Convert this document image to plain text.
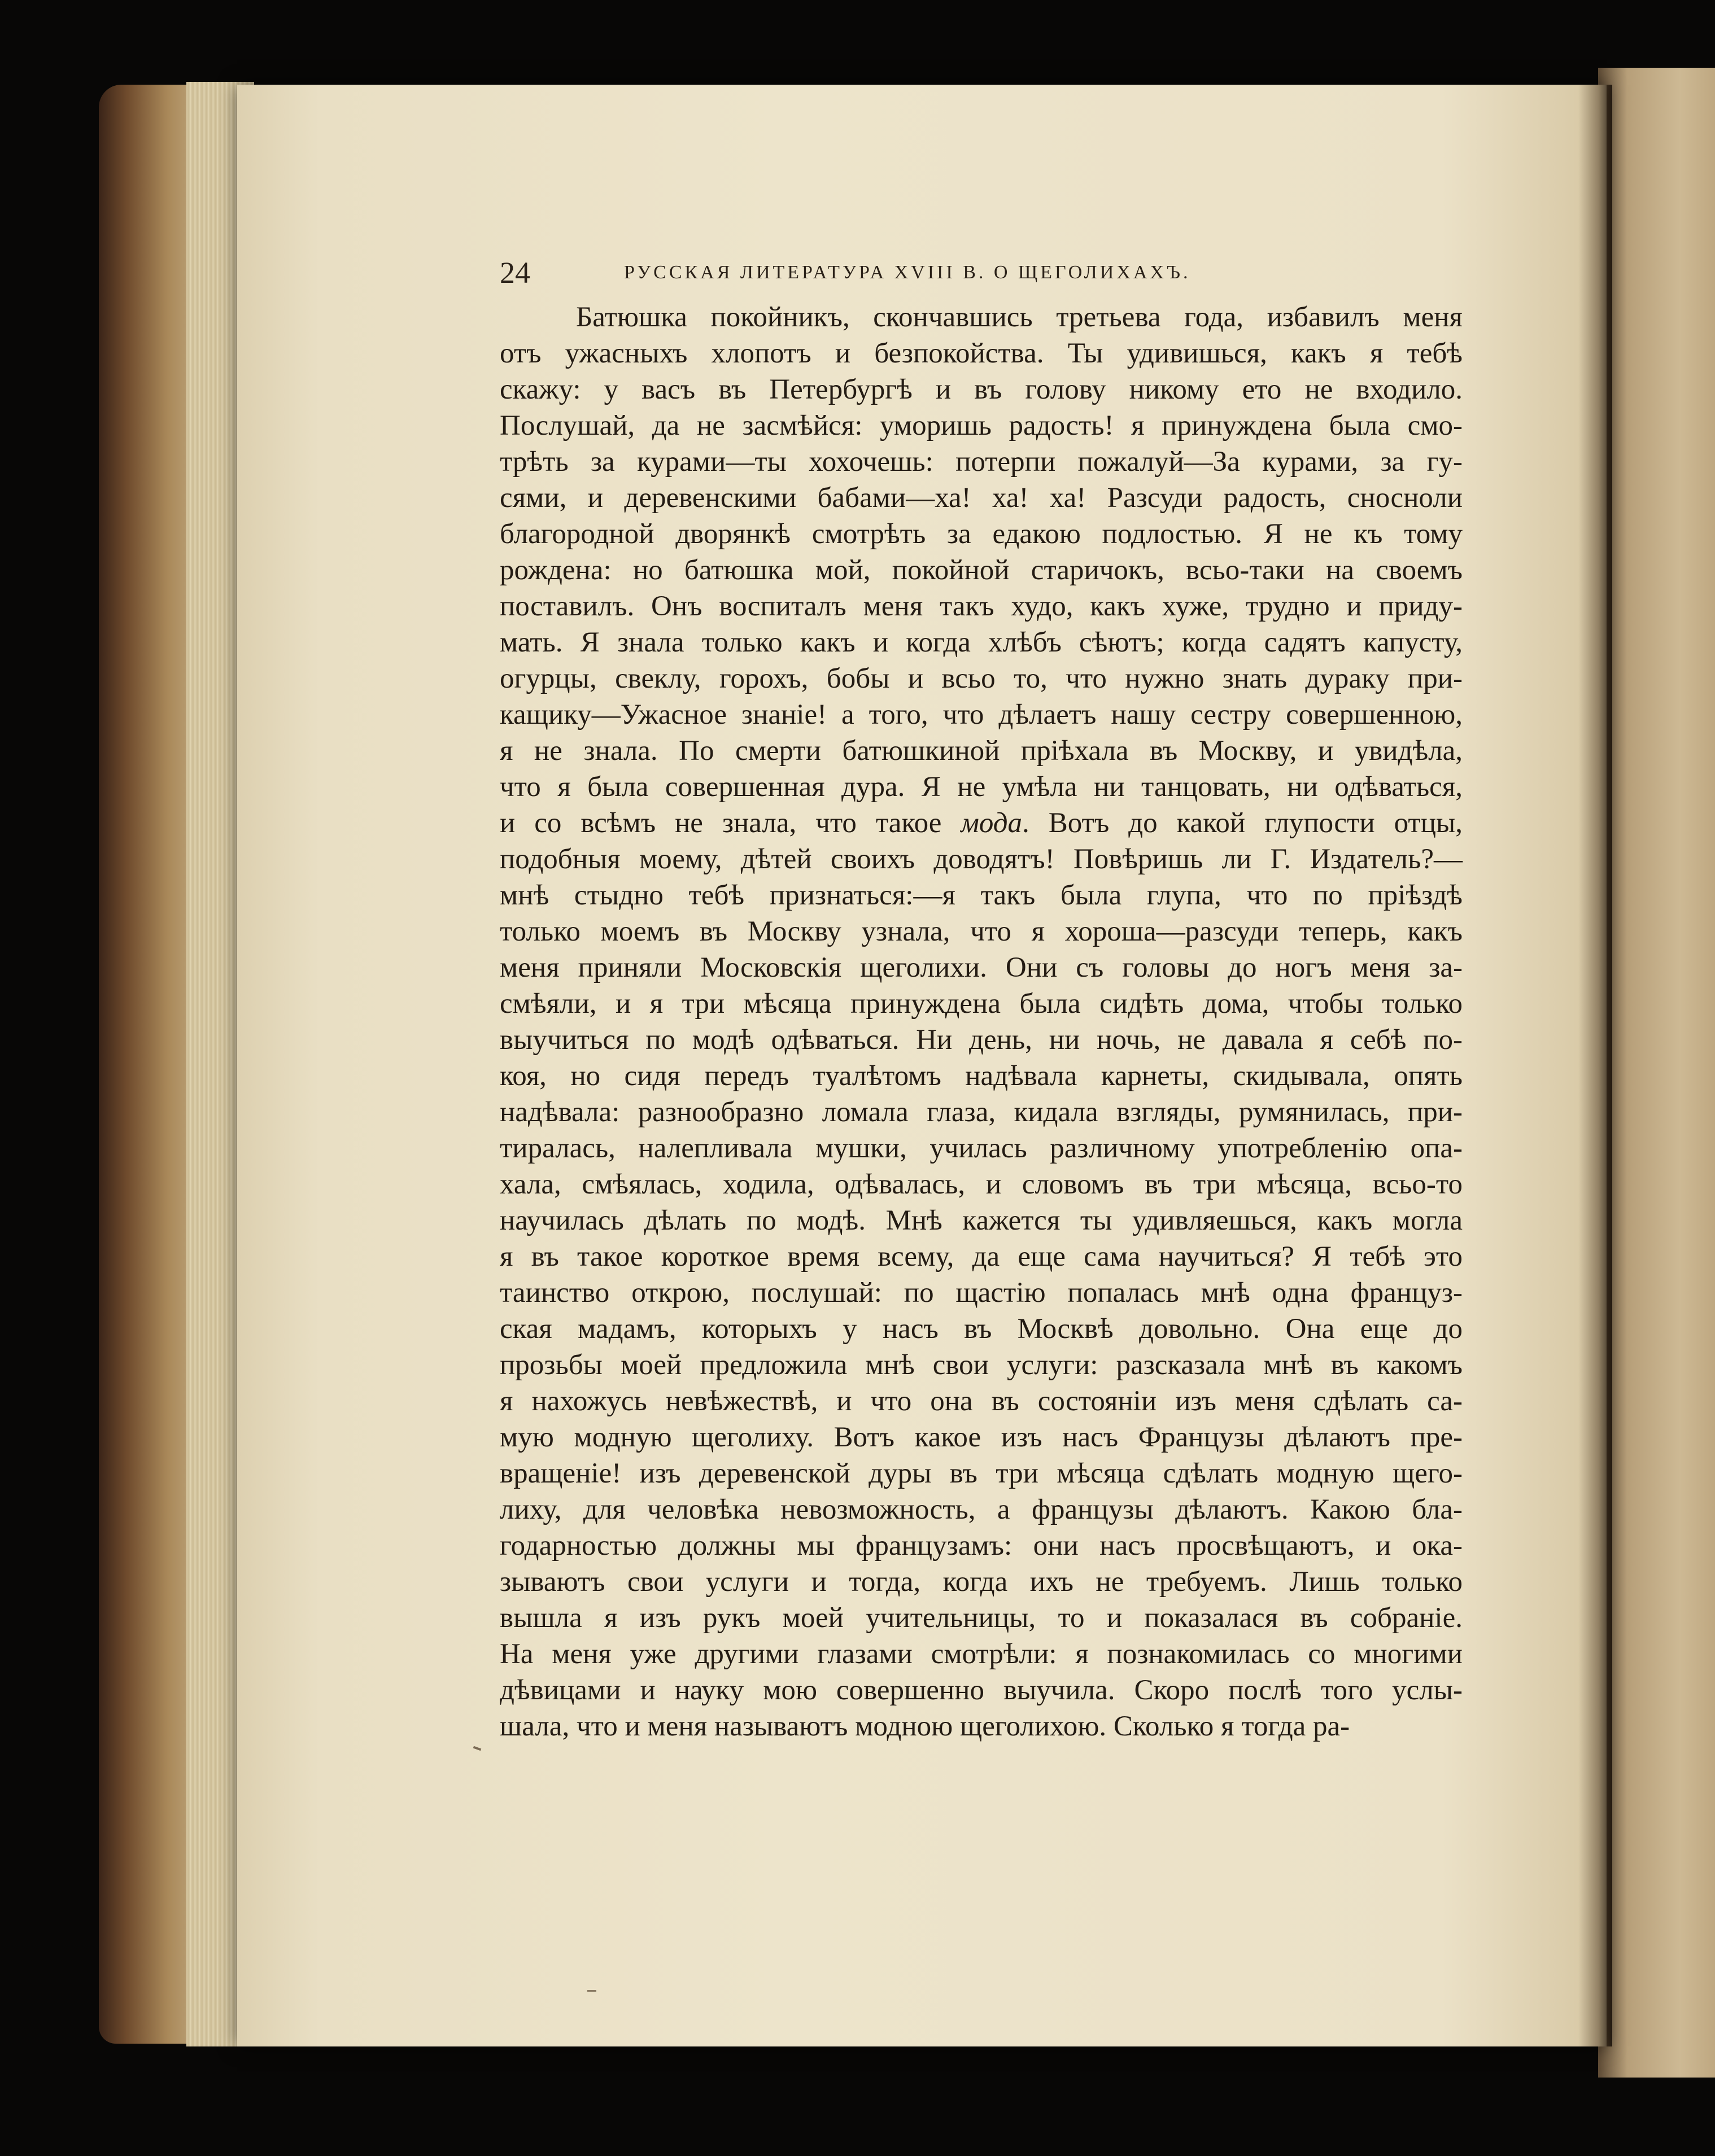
24	РУССКАЯ ЛИТЕРАТУРА XVIII В. О ЩЕГОЛИХАХЪ.
Батюшка покойникъ, скончавшись третьева года, избавилъ меня
отъ ужасныхъ хлопотъ и безпокойства. Ты удивишься, какъ я тебѣ
скажу: у васъ въ Петербургѣ и въ голову никому ето не входило.
Послушай, да не засмѣйся: уморишь радость! я принуждена была смо-
трѣть за курами—ты хохочешь: потерпи пожалуй—За курами, за гу-
сями, и деревенскими бабами—ха! ха! ха! Разсуди радость, сносноли
благородной дворянкѣ смотрѣть за едакою подлостью. Я не къ тому
рождена: но батюшка мой, покойной старичокъ, всьо-таки на своемъ
поставилъ. Онъ воспиталъ меня такъ худо, какъ хуже, трудно и приду-
мать. Я знала только какъ и когда хлѣбъ сѣютъ; когда садятъ капусту,
огурцы, свеклу, горохъ, бобы и всьо то, что нужно знать дураку при-
кащику—Ужасное знаніе! а того, что дѣлаетъ нашу сестру совершенною,
я не знала. По смерти батюшкиной пріѣхала въ Москву, и увидѣла,
что я была совершенная дура. Я не умѣла ни танцовать, ни одѣваться,
и со всѣмъ не знала, что такое мода. Вотъ до какой глупости отцы,
подобныя моему, дѣтей своихъ доводятъ! Повѣришь ли Г. Издатель?—
мнѣ стыдно тебѣ признаться:—я такъ была глупа, что по пріѣздѣ
только моемъ въ Москву узнала, что я хороша—разсуди теперь, какъ
меня приняли Московскія щеголихи. Они съ головы до ногъ меня за-
смѣяли, и я три мѣсяца принуждена была сидѣть дома, чтобы только
выучиться по модѣ одѣваться. Ни день, ни ночь, не давала я себѣ по-
коя, но сидя передъ туалѣтомъ надѣвала карнеты, скидывала, опять
надѣвала: разнообразно ломала глаза, кидала взгляды, румянилась, при-
тиралась, налепливала мушки, училась различному употребленію опа-
хала, смѣялась, ходила, одѣвалась, и словомъ въ три мѣсяца, всьо-то
научилась дѣлать по модѣ. Мнѣ кажется ты удивляешься, какъ могла
я въ такое короткое время всему, да еще сама научиться? Я тебѣ это
таинство открою, послушай: по щастію попалась мнѣ одна француз-
ская мадамъ, которыхъ у насъ въ Москвѣ довольно. Она еще до
прозьбы моей предложила мнѣ свои услуги: разсказала мнѣ въ какомъ
я нахожусь невѣжествѣ, и что она въ состояніи изъ меня сдѣлать са-
мую модную щеголиху. Вотъ какое изъ насъ Французы дѣлаютъ пре-
вращеніе! изъ деревенской дуры въ три мѣсяца сдѣлать модную щего-
лиху, для человѣка невозможность, а французы дѣлаютъ. Какою бла-
годарностью должны мы французамъ: они насъ просвѣщаютъ, и ока-
зываютъ свои услуги и тогда, когда ихъ не требуемъ. Лишь только
вышла я изъ рукъ моей учительницы, то и показалася въ собраніе.
На меня уже другими глазами смотрѣли: я познакомилась со многими
дѣвицами и науку мою совершенно выучила. Скоро послѣ того услы-
шала, что и меня называютъ модною щеголихою. Сколько я тогда ра-
